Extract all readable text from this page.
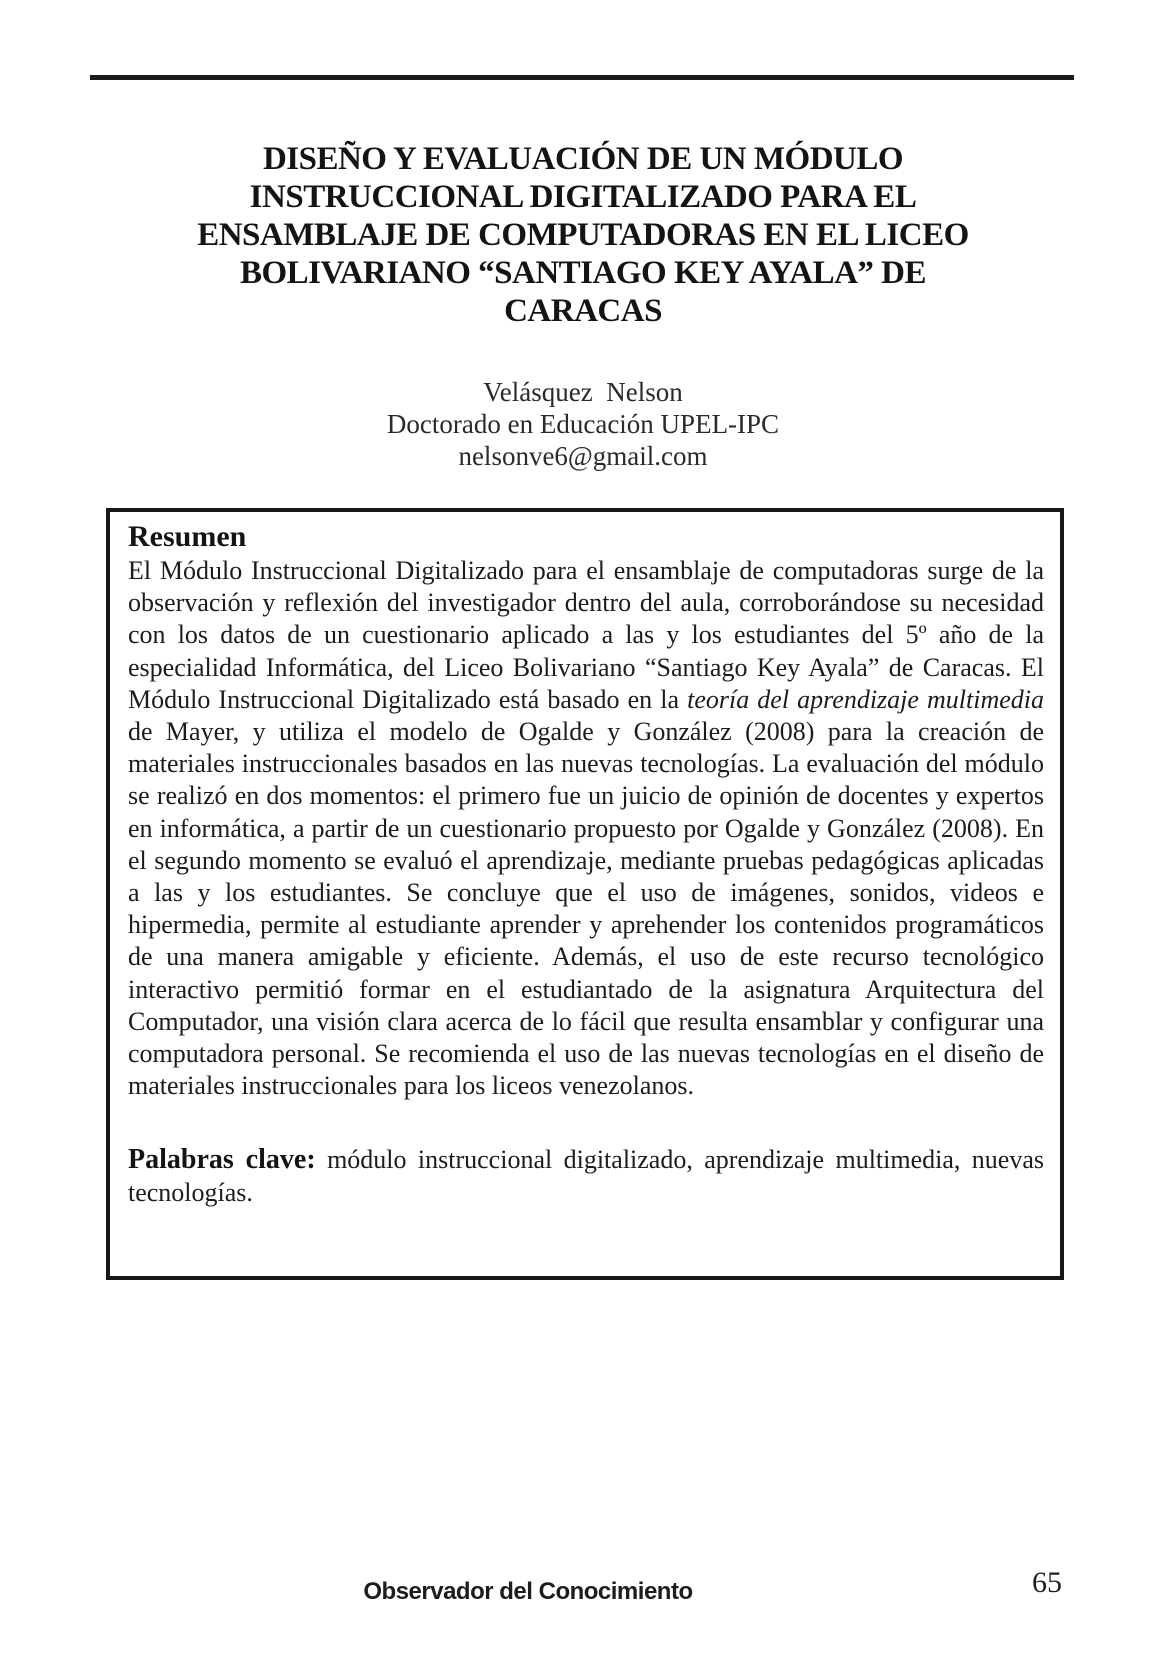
DISEÑO Y EVALUACIÓN DE UN MÓDULO
INSTRUCCIONAL DIGITALIZADO PARA EL
ENSAMBLAJE DE COMPUTADORAS EN EL LICEO
BOLIVARIANO “SANTIAGO KEY AYALA” DE
CARACAS
Velásquez  Nelson
Doctorado en Educación UPEL-IPC
nelsonve6@gmail.com
Resumen

El Módulo Instruccional Digitalizado para el ensamblaje de computadoras surge de la observación y reflexión del investigador dentro del aula, corroborándose su necesidad con los datos de un cuestionario aplicado a las y los estudiantes del 5º año de la especialidad Informática, del Liceo Bolivariano “Santiago Key Ayala” de Caracas. El Módulo Instruccional Digitalizado está basado en la teoría del aprendizaje multimedia de Mayer, y utiliza el modelo de Ogalde y González (2008) para la creación de materiales instruccionales basados en las nuevas tecnologías. La evaluación del módulo se realizó en dos momentos: el primero fue un juicio de opinión de docentes y expertos en informática, a partir de un cuestionario propuesto por Ogalde y González (2008). En el segundo momento se evaluó el aprendizaje, mediante pruebas pedagógicas aplicadas a las y los estudiantes. Se concluye que el uso de imágenes, sonidos, videos e hipermedia, permite al estudiante aprender y aprehender los contenidos programáticos de una manera amigable y eficiente. Además, el uso de este recurso tecnológico interactivo permitió formar en el estudiantado de la asignatura Arquitectura del Computador, una visión clara acerca de lo fácil que resulta ensamblar y configurar una computadora personal. Se recomienda el uso de las nuevas tecnologías en el diseño de materiales instruccionales para los liceos venezolanos.

Palabras clave: módulo instruccional digitalizado, aprendizaje multimedia, nuevas tecnologías.

Observador del Conocimiento	65
